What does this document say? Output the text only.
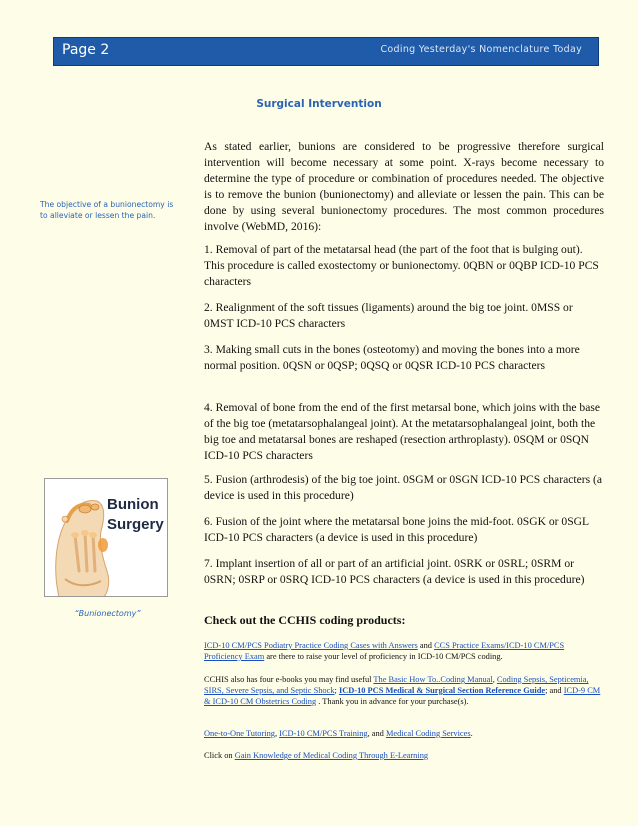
Page 2	Coding Yesterday's Nomenclature Today
Surgical Intervention
The objective of a bunionectomy is to alleviate or lessen the pain.
Bunion
Surgery
“Bunionectomy”

As stated earlier, bunions are considered to be progressive therefore surgical intervention will become necessary at some point. X-rays become necessary to determine the type of procedure or combination of procedures needed. The objective is to remove the bunion (bunionectomy) and alleviate or lessen the pain. This can be done by using several bunionectomy procedures. The most common procedures involve (WebMD, 2016):

1. Removal of part of the metatarsal head (the part of the foot that is bulging out). This procedure is called exostectomy or bunionectomy. 0QBN or 0QBP ICD-10 PCS characters

2. Realignment of the soft tissues (ligaments) around the big toe joint. 0MSS or 0MST ICD-10 PCS characters

3. Making small cuts in the bones (osteotomy) and moving the bones into a more normal position. 0QSN or 0QSP; 0QSQ or 0QSR ICD-10 PCS characters

4. Removal of bone from the end of the first metarsal bone, which joins with the base of the big toe (metatarsophalangeal joint). At the metatarsophalangeal joint, both the big toe and metatarsal bones are reshaped (resection arthroplasty). 0SQM or 0SQN ICD-10 PCS characters

5. Fusion (arthrodesis) of the big toe joint. 0SGM or 0SGN ICD-10 PCS characters (a device is used in this procedure)

6. Fusion of the joint where the metatarsal bone joins the mid-foot. 0SGK or 0SGL ICD-10 PCS characters (a device is used in this procedure)

7. Implant insertion of all or part of an artificial joint. 0SRK or 0SRL; 0SRM or 0SRN; 0SRP or 0SRQ ICD-10 PCS characters (a device is used in this procedure)

Check out the CCHIS coding products:
ICD-10 CM/PCS Podiatry Practice Coding Cases with Answers and CCS Practice Exams/ICD-10 CM/PCS Proficiency Exam are there to raise your level of proficiency in ICD-10 CM/PCS coding.
CCHIS also has four e-books you may find useful The Basic How To..Coding Manual, Coding Sepsis, Septicemia, SIRS, Severe Sepsis, and Septic Shock; ICD-10 PCS Medical & Surgical Section Reference Guide; and ICD-9 CM & ICD-10 CM Obstetrics Coding . Thank you in advance for your purchase(s).
One-to-One Tutoring, ICD-10 CM/PCS Training, and Medical Coding Services.
Click on Gain Knowledge of Medical Coding Through E-Learning
